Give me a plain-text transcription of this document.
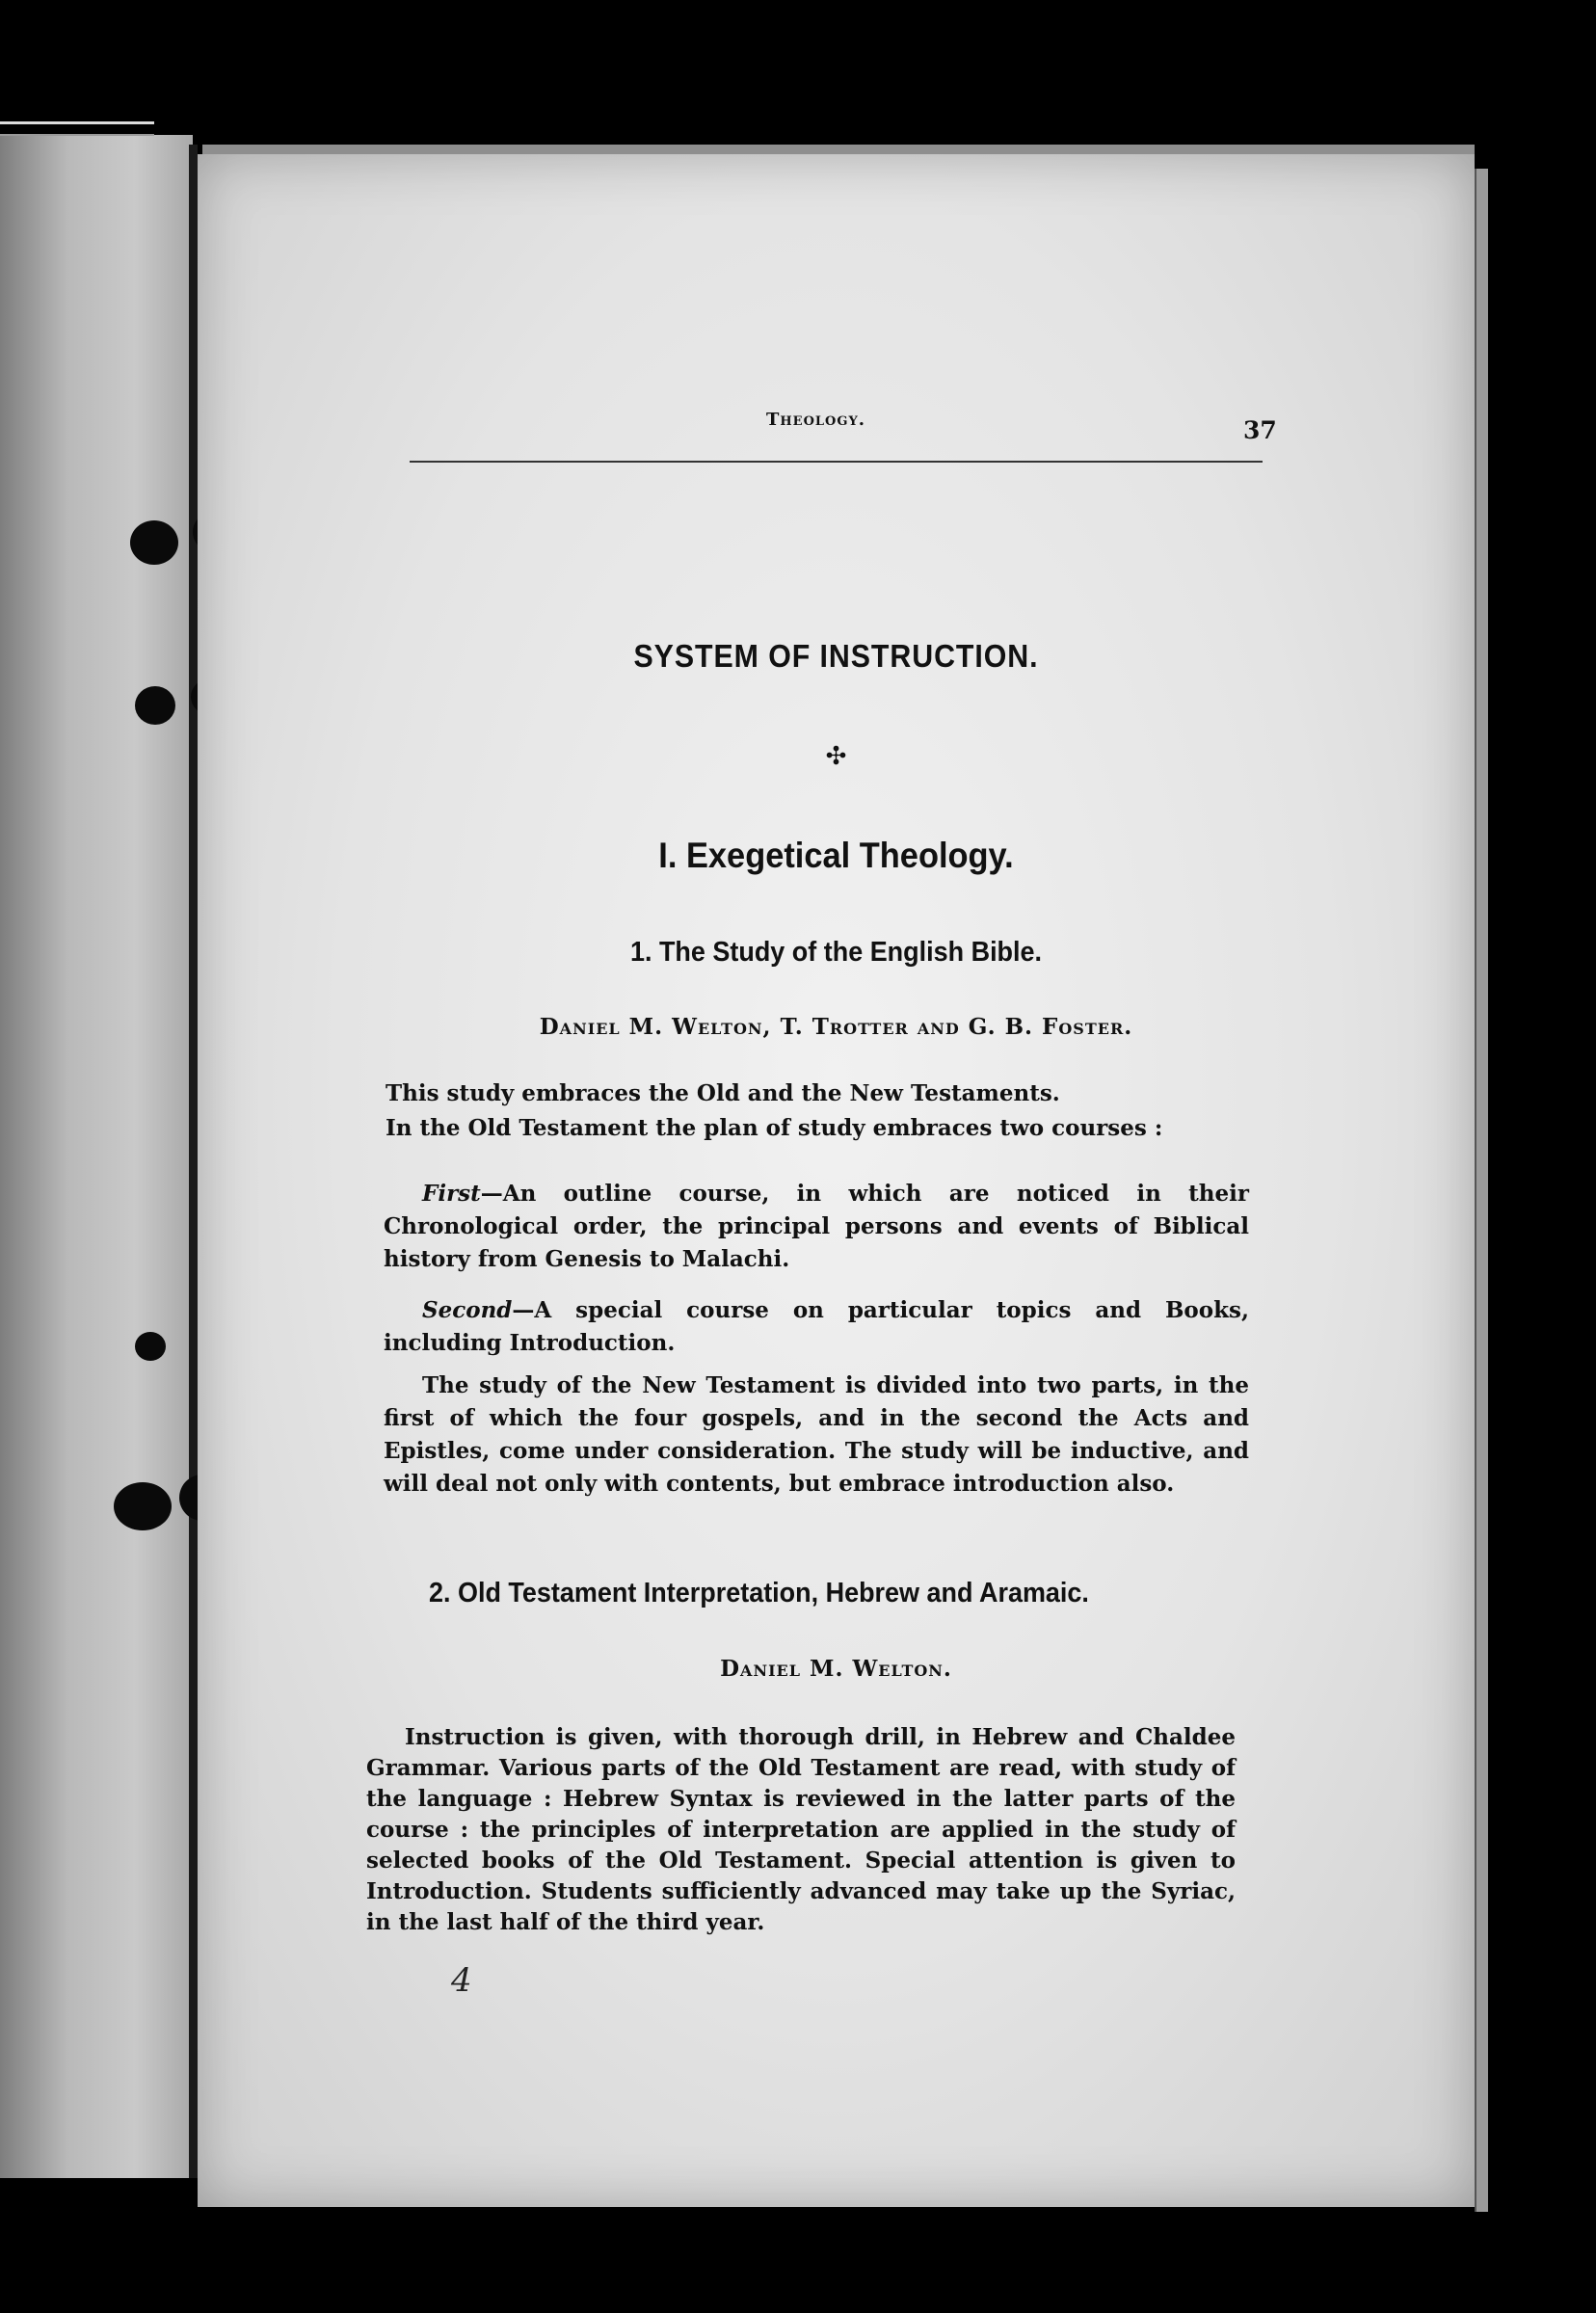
Theology.	37
SYSTEM OF INSTRUCTION.
✣
I. Exegetical Theology.
1. The Study of the English Bible.
Daniel M. Welton, T. Trotter and G. B. Foster.
This study embraces the Old and the New Testaments.
In the Old Testament the plan of study embraces two courses :
First—An outline course, in which are noticed in their Chronological order, the principal persons and events of Biblical history from Genesis to Malachi.
Second—A special course on particular topics and Books, including Introduction.
The study of the New Testament is divided into two parts, in the first of which the four gospels, and in the second the Acts and Epistles, come under consideration. The study will be inductive, and will deal not only with contents, but embrace introduction also.
2. Old Testament Interpretation, Hebrew and Aramaic.
Daniel M. Welton.
Instruction is given, with thorough drill, in Hebrew and Chaldee Grammar. Various parts of the Old Testament are read, with study of the language : Hebrew Syntax is reviewed in the latter parts of the course : the principles of interpretation are applied in the study of selected books of the Old Testament. Special attention is given to Introduction. Students sufficiently advanced may take up the Syriac, in the last half of the third year.
4
